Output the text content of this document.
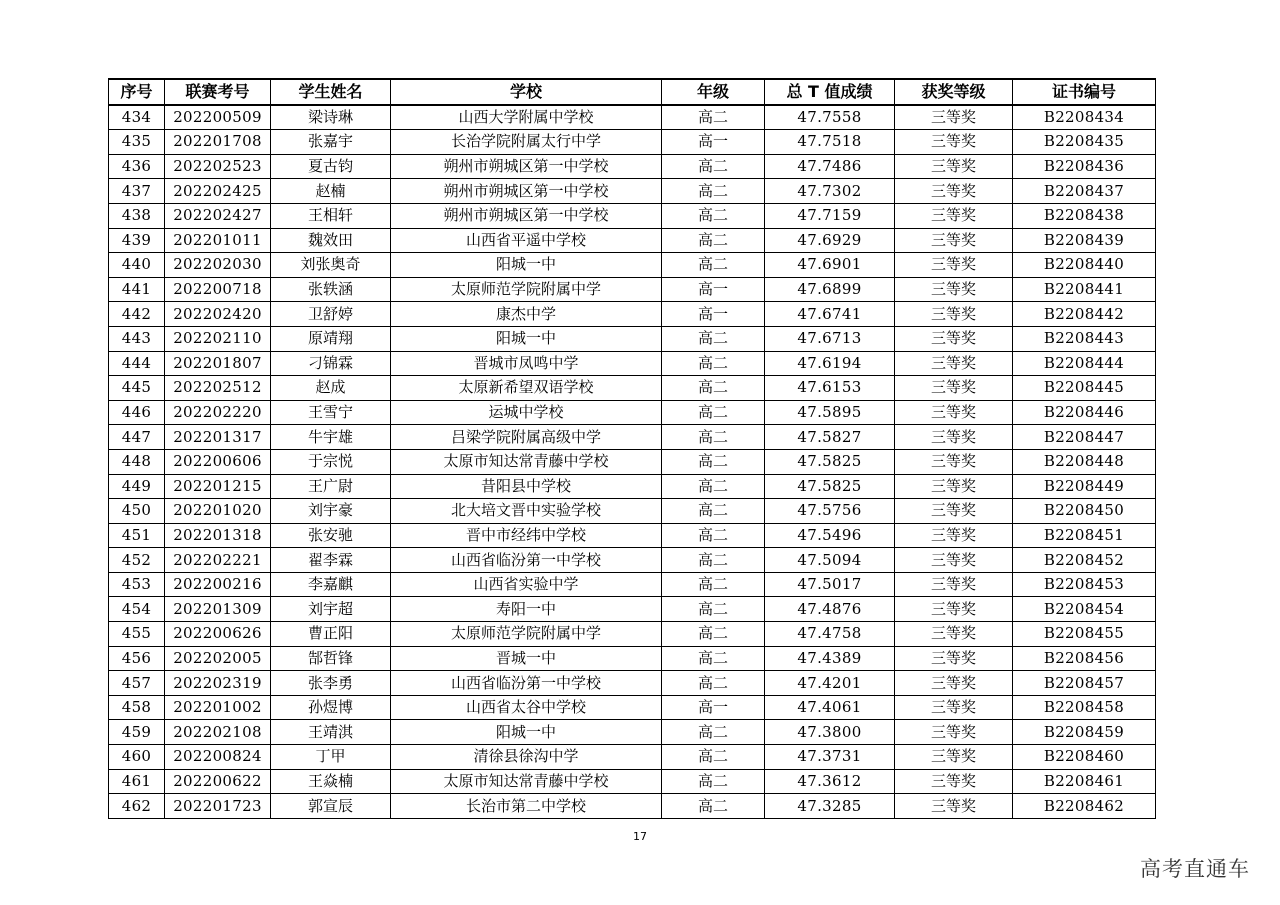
序号	联赛考号	学生姓名	学校	年级	总 T 值成绩	获奖等级	证书编号
434	202200509	梁诗琳	山西大学附属中学校	高二	47.7558	三等奖	B2208434
435	202201708	张嘉宇	长治学院附属太行中学	高一	47.7518	三等奖	B2208435
436	202202523	夏古钧	朔州市朔城区第一中学校	高二	47.7486	三等奖	B2208436
437	202202425	赵楠	朔州市朔城区第一中学校	高二	47.7302	三等奖	B2208437
438	202202427	王相轩	朔州市朔城区第一中学校	高二	47.7159	三等奖	B2208438
439	202201011	魏效田	山西省平遥中学校	高二	47.6929	三等奖	B2208439
440	202202030	刘张奥奇	阳城一中	高二	47.6901	三等奖	B2208440
441	202200718	张轶涵	太原师范学院附属中学	高一	47.6899	三等奖	B2208441
442	202202420	卫舒婷	康杰中学	高一	47.6741	三等奖	B2208442
443	202202110	原靖翔	阳城一中	高二	47.6713	三等奖	B2208443
444	202201807	刁锦霖	晋城市凤鸣中学	高二	47.6194	三等奖	B2208444
445	202202512	赵成	太原新希望双语学校	高二	47.6153	三等奖	B2208445
446	202202220	王雪宁	运城中学校	高二	47.5895	三等奖	B2208446
447	202201317	牛宇雄	吕梁学院附属高级中学	高二	47.5827	三等奖	B2208447
448	202200606	于宗悦	太原市知达常青藤中学校	高二	47.5825	三等奖	B2208448
449	202201215	王广尉	昔阳县中学校	高二	47.5825	三等奖	B2208449
450	202201020	刘宇豪	北大培文晋中实验学校	高二	47.5756	三等奖	B2208450
451	202201318	张安驰	晋中市经纬中学校	高二	47.5496	三等奖	B2208451
452	202202221	翟李霖	山西省临汾第一中学校	高二	47.5094	三等奖	B2208452
453	202200216	李嘉麒	山西省实验中学	高二	47.5017	三等奖	B2208453
454	202201309	刘宇超	寿阳一中	高二	47.4876	三等奖	B2208454
455	202200626	曹正阳	太原师范学院附属中学	高二	47.4758	三等奖	B2208455
456	202202005	郜哲锋	晋城一中	高二	47.4389	三等奖	B2208456
457	202202319	张李勇	山西省临汾第一中学校	高二	47.4201	三等奖	B2208457
458	202201002	孙煜博	山西省太谷中学校	高一	47.4061	三等奖	B2208458
459	202202108	王靖淇	阳城一中	高二	47.3800	三等奖	B2208459
460	202200824	丁甲	清徐县徐沟中学	高二	47.3731	三等奖	B2208460
461	202200622	王焱楠	太原市知达常青藤中学校	高二	47.3612	三等奖	B2208461
462	202201723	郭宣辰	长治市第二中学校	高二	47.3285	三等奖	B2208462
17
高考直通车
